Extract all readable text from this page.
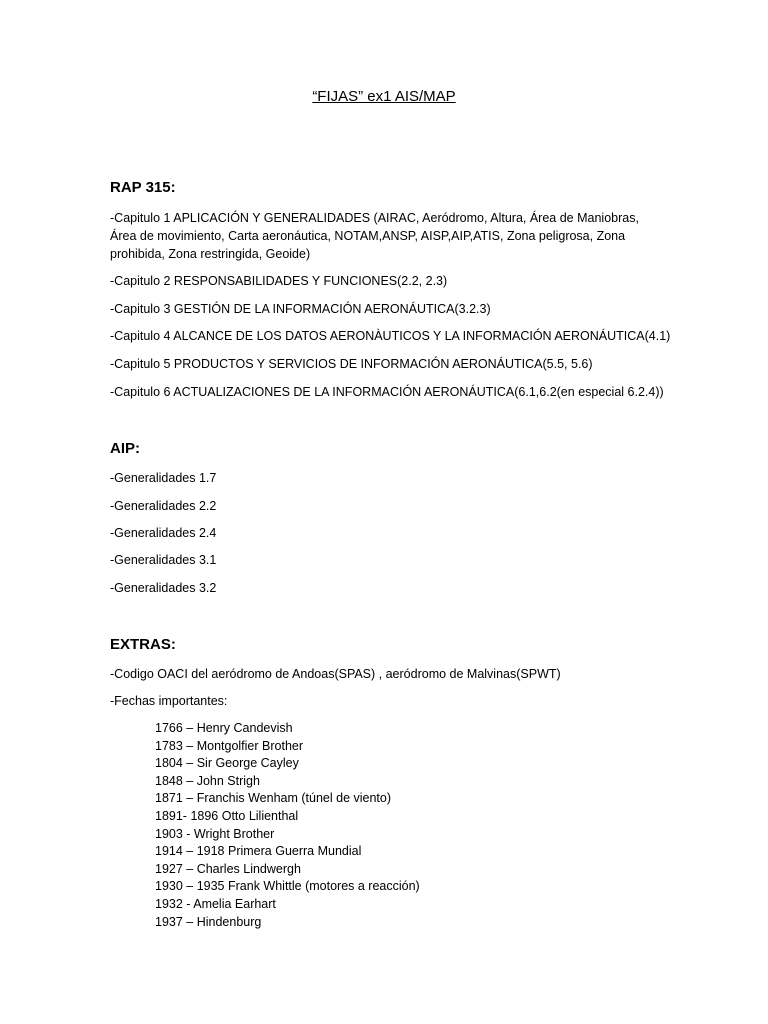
“FIJAS” ex1 AIS/MAP
RAP 315:
-Capitulo 1 APLICACIÓN Y GENERALIDADES (AIRAC, Aeródromo, Altura, Área de Maniobras, Área de movimiento, Carta aeronáutica, NOTAM,ANSP, AISP,AIP,ATIS, Zona peligrosa, Zona prohibida, Zona restringida, Geoide)
-Capitulo 2 RESPONSABILIDADES Y FUNCIONES(2.2, 2.3)
-Capitulo 3 GESTIÓN DE LA INFORMACIÓN AERONÁUTICA(3.2.3)
-Capitulo 4 ALCANCE DE LOS DATOS AERONÀUTICOS Y LA INFORMACIÓN AERONÁUTICA(4.1)
-Capitulo 5 PRODUCTOS Y SERVICIOS DE INFORMACIÓN AERONÁUTICA(5.5, 5.6)
-Capitulo 6 ACTUALIZACIONES DE LA INFORMACIÓN AERONÁUTICA(6.1,6.2(en especial 6.2.4))
AIP:
-Generalidades 1.7
-Generalidades 2.2
-Generalidades 2.4
-Generalidades 3.1
-Generalidades 3.2
EXTRAS:
-Codigo OACI del aeródromo de Andoas(SPAS) , aeródromo de Malvinas(SPWT)
-Fechas importantes:
1766 – Henry Candevish
1783 – Montgolfier Brother
1804 – Sir George Cayley
1848 – John Strigh
1871 – Franchis Wenham (túnel de viento)
1891- 1896 Otto Lilienthal
1903 - Wright Brother
1914 – 1918 Primera Guerra Mundial
1927 – Charles Lindwergh
1930 – 1935 Frank Whittle (motores a reacción)
1932 - Amelia Earhart
1937 – Hindenburg
